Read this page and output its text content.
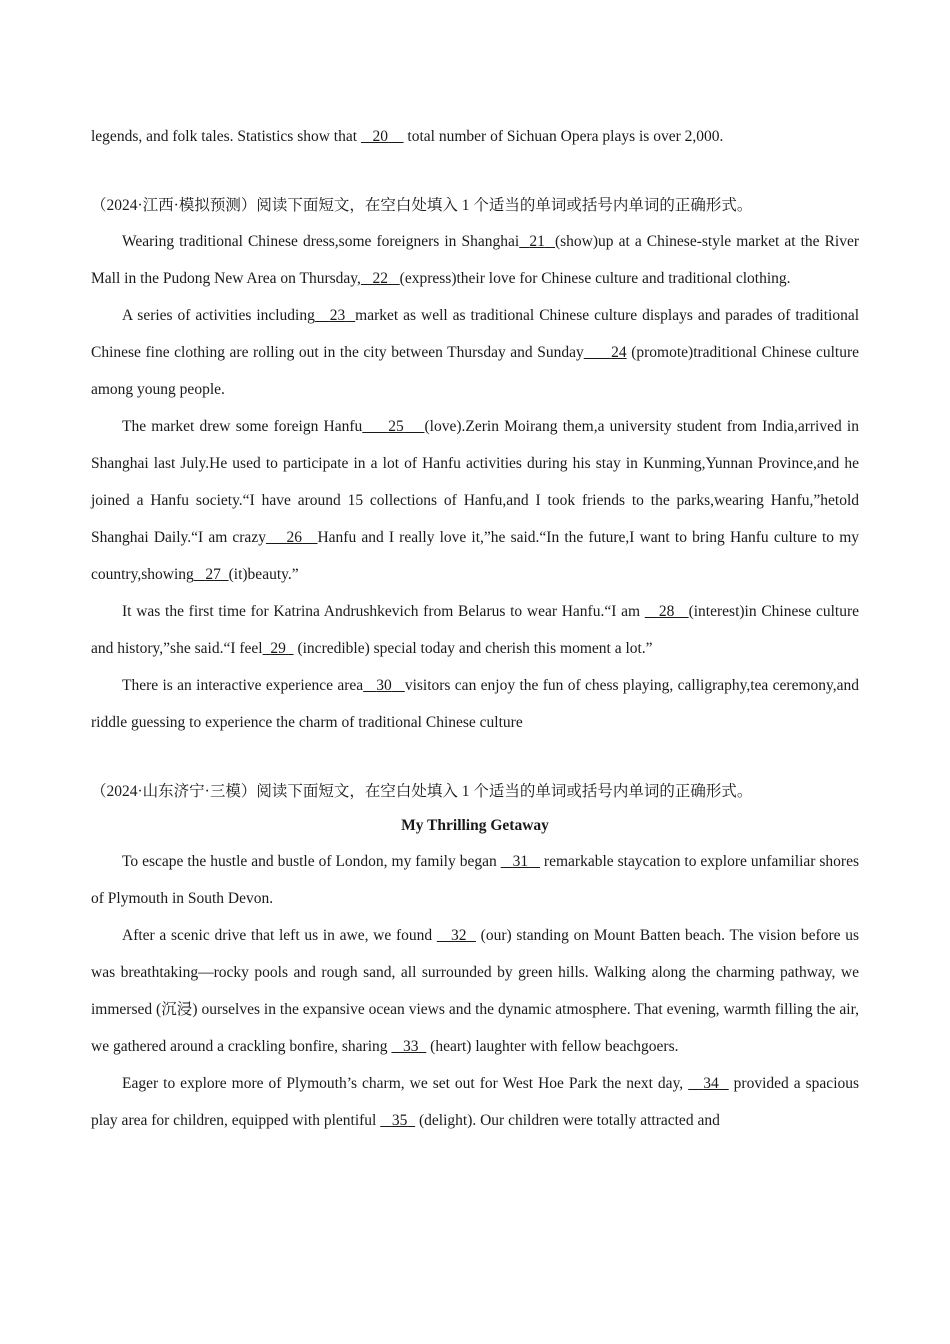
legends, and folk tales. Statistics show that    20     total number of Sichuan Opera plays is over 2,000.

（2024·江西·模拟预测）阅读下面短文，在空白处填入 1 个适当的单词或括号内单词的正确形式。

Wearing traditional Chinese dress,some foreigners in Shanghai 21 (show)up at a Chinese-style market at the River Mall in the Pudong New Area on Thursday, 22 (express)their love for Chinese culture and traditional clothing.

A series of activities including 23 market as well as traditional Chinese culture displays and parades of traditional Chinese fine clothing are rolling out in the city between Thursday and Sunday 24 (promote)traditional Chinese culture among young people.

The market drew some foreign Hanfu 25 (love).Zerin Moirang them,a university student from India,arrived in Shanghai last July.He used to participate in a lot of Hanfu activities during his stay in Kunming,Yunnan Province,and he joined a Hanfu society.“I have around 15 collections of Hanfu,and I took friends to the parks,wearing Hanfu,”hetold Shanghai Daily.“I am crazy 26 Hanfu and I really love it,”he said.“In the future,I want to bring Hanfu culture to my country,showing 27 (it)beauty.”

It was the first time for Katrina Andrushkevich from Belarus to wear Hanfu.“I am    28 (interest)in Chinese culture and history,”she said.“I feel 29   (incredible) special today and cherish this moment a lot.”

There is an interactive experience area 30 visitors can enjoy the fun of chess playing, calligraphy,tea ceremony,and riddle guessing to experience the charm of traditional Chinese culture

（2024·山东济宁·三模）阅读下面短文，在空白处填入 1 个适当的单词或括号内单词的正确形式。

My Thrilling Getaway

To escape the hustle and bustle of London, my family began    31    remarkable staycation to explore unfamiliar shores of Plymouth in South Devon.

After a scenic drive that left us in awe, we found    32   (our) standing on Mount Batten beach. The vision before us was breathtaking—rocky pools and rough sand, all surrounded by green hills. Walking along the charming pathway, we immersed (沉浸) ourselves in the expansive ocean views and the dynamic atmosphere. That evening, warmth filling the air, we gathered around a crackling bonfire, sharing    33   (heart) laughter with fellow beachgoers.

Eager to explore more of Plymouth’s charm, we set out for West Hoe Park the next day,    34   provided a spacious play area for children, equipped with plentiful    35   (delight). Our children were totally attracted and
